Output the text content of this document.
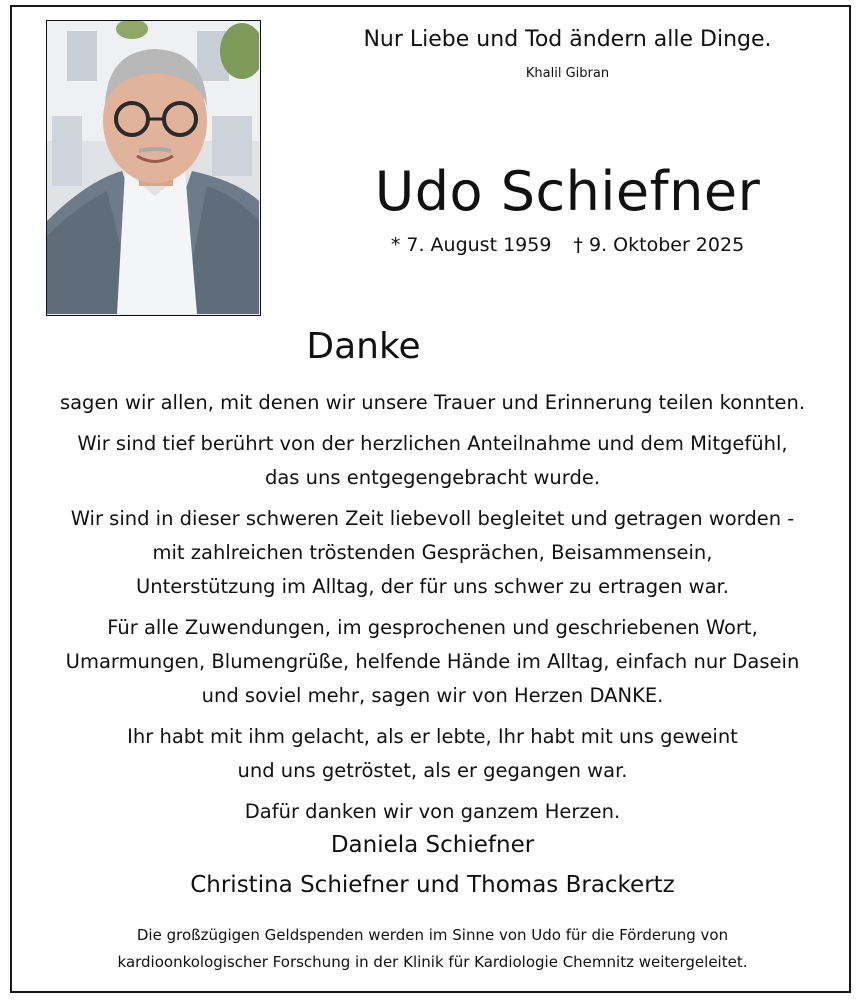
Nur Liebe und Tod ändern alle Dinge.
Khalil Gibran
Udo Schiefner
* 7. August 1959 † 9. Oktober 2025
Danke

sagen wir allen, mit denen wir unsere Trauer und Erinnerung teilen konnten.

Wir sind tief berührt von der herzlichen Anteilnahme und dem Mitgefühl,
das uns entgegengebracht wurde.

Wir sind in dieser schweren Zeit liebevoll begleitet und getragen worden -
mit zahlreichen tröstenden Gesprächen, Beisammensein,
Unterstützung im Alltag, der für uns schwer zu ertragen war.

Für alle Zuwendungen, im gesprochenen und geschriebenen Wort,
Umarmungen, Blumengrüße, helfende Hände im Alltag, einfach nur Dasein
und soviel mehr, sagen wir von Herzen DANKE.

Ihr habt mit ihm gelacht, als er lebte, Ihr habt mit uns geweint
und uns getröstet, als er gegangen war.

Dafür danken wir von ganzem Herzen.

Daniela Schiefner
Christina Schiefner und Thomas Brackertz
Die großzügigen Geldspenden werden im Sinne von Udo für die Förderung von
kardioonkologischer Forschung in der Klinik für Kardiologie Chemnitz weitergeleitet.
